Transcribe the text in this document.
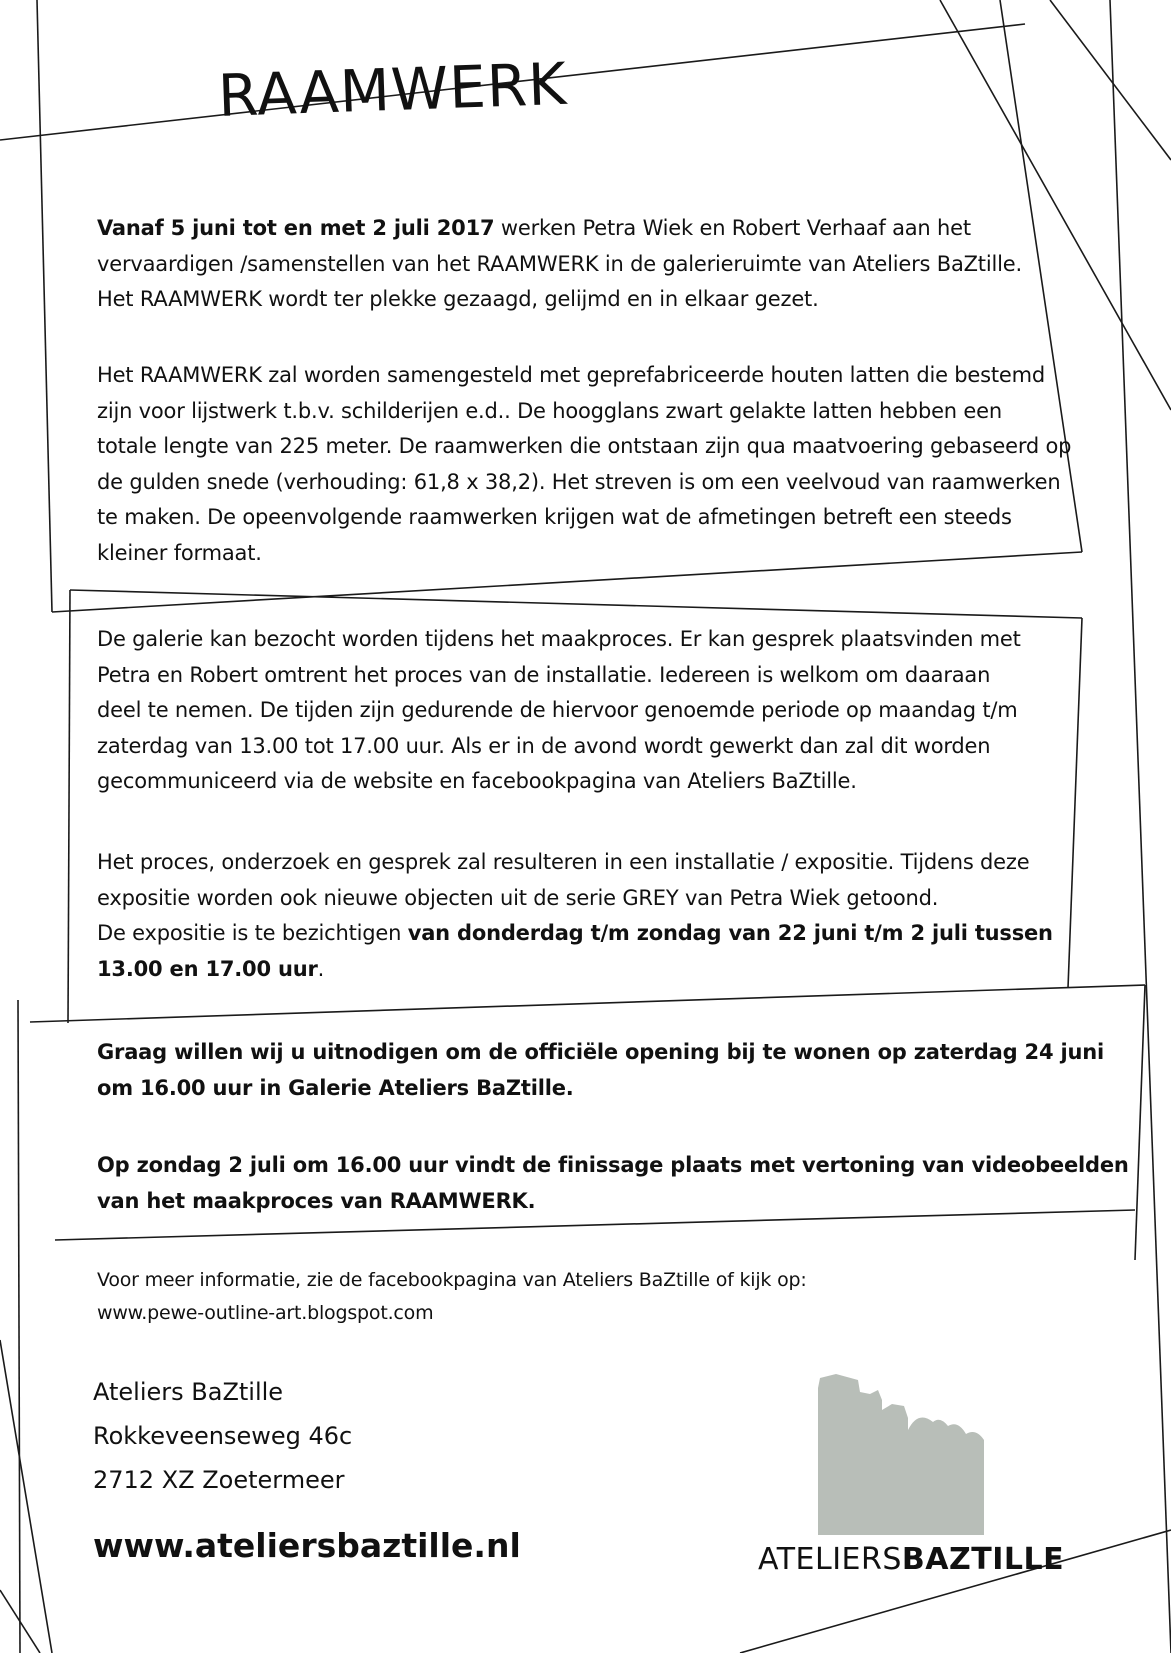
RAAMWERK
Vanaf 5 juni tot en met 2 juli 2017 werken Petra Wiek en Robert Verhaaf aan het
vervaardigen /samenstellen van het RAAMWERK in de galerieruimte van Ateliers BaZtille.
Het RAAMWERK wordt ter plekke gezaagd, gelijmd en in elkaar gezet.
Het RAAMWERK zal worden samengesteld met geprefabriceerde houten latten die bestemd
zijn voor lijstwerk t.b.v. schilderijen e.d.. De hoogglans zwart gelakte latten hebben een
totale lengte van 225 meter. De raamwerken die ontstaan zijn qua maatvoering gebaseerd op
de gulden snede (verhouding: 61,8 x 38,2). Het streven is om een veelvoud van raamwerken
te maken. De opeenvolgende raamwerken krijgen wat de afmetingen betreft een steeds
kleiner formaat.
De galerie kan bezocht worden tijdens het maakproces. Er kan gesprek plaatsvinden met
Petra en Robert omtrent het proces van de installatie. Iedereen is welkom om daaraan
deel te nemen. De tijden zijn gedurende de hiervoor genoemde periode op maandag t/m
zaterdag van 13.00 tot 17.00 uur. Als er in de avond wordt gewerkt dan zal dit worden
gecommuniceerd via de website en facebookpagina van Ateliers BaZtille.
Het proces, onderzoek en gesprek zal resulteren in een installatie / expositie. Tijdens deze
expositie worden ook nieuwe objecten uit de serie GREY van Petra Wiek getoond.
De expositie is te bezichtigen van donderdag t/m zondag van 22 juni t/m 2 juli tussen
13.00 en 17.00 uur.
Graag willen wij u uitnodigen om de officiële opening bij te wonen op zaterdag 24 juni
om 16.00 uur in Galerie Ateliers BaZtille.
Op zondag 2 juli om 16.00 uur vindt de finissage plaats met vertoning van videobeelden
van het maakproces van RAAMWERK.
Voor meer informatie, zie de facebookpagina van Ateliers BaZtille of kijk op:
www.pewe-outline-art.blogspot.com
Ateliers BaZtille
Rokkeveenseweg 46c
2712 XZ Zoetermeer
www.ateliersbaztille.nl	ATELIERSBAZTILLE
